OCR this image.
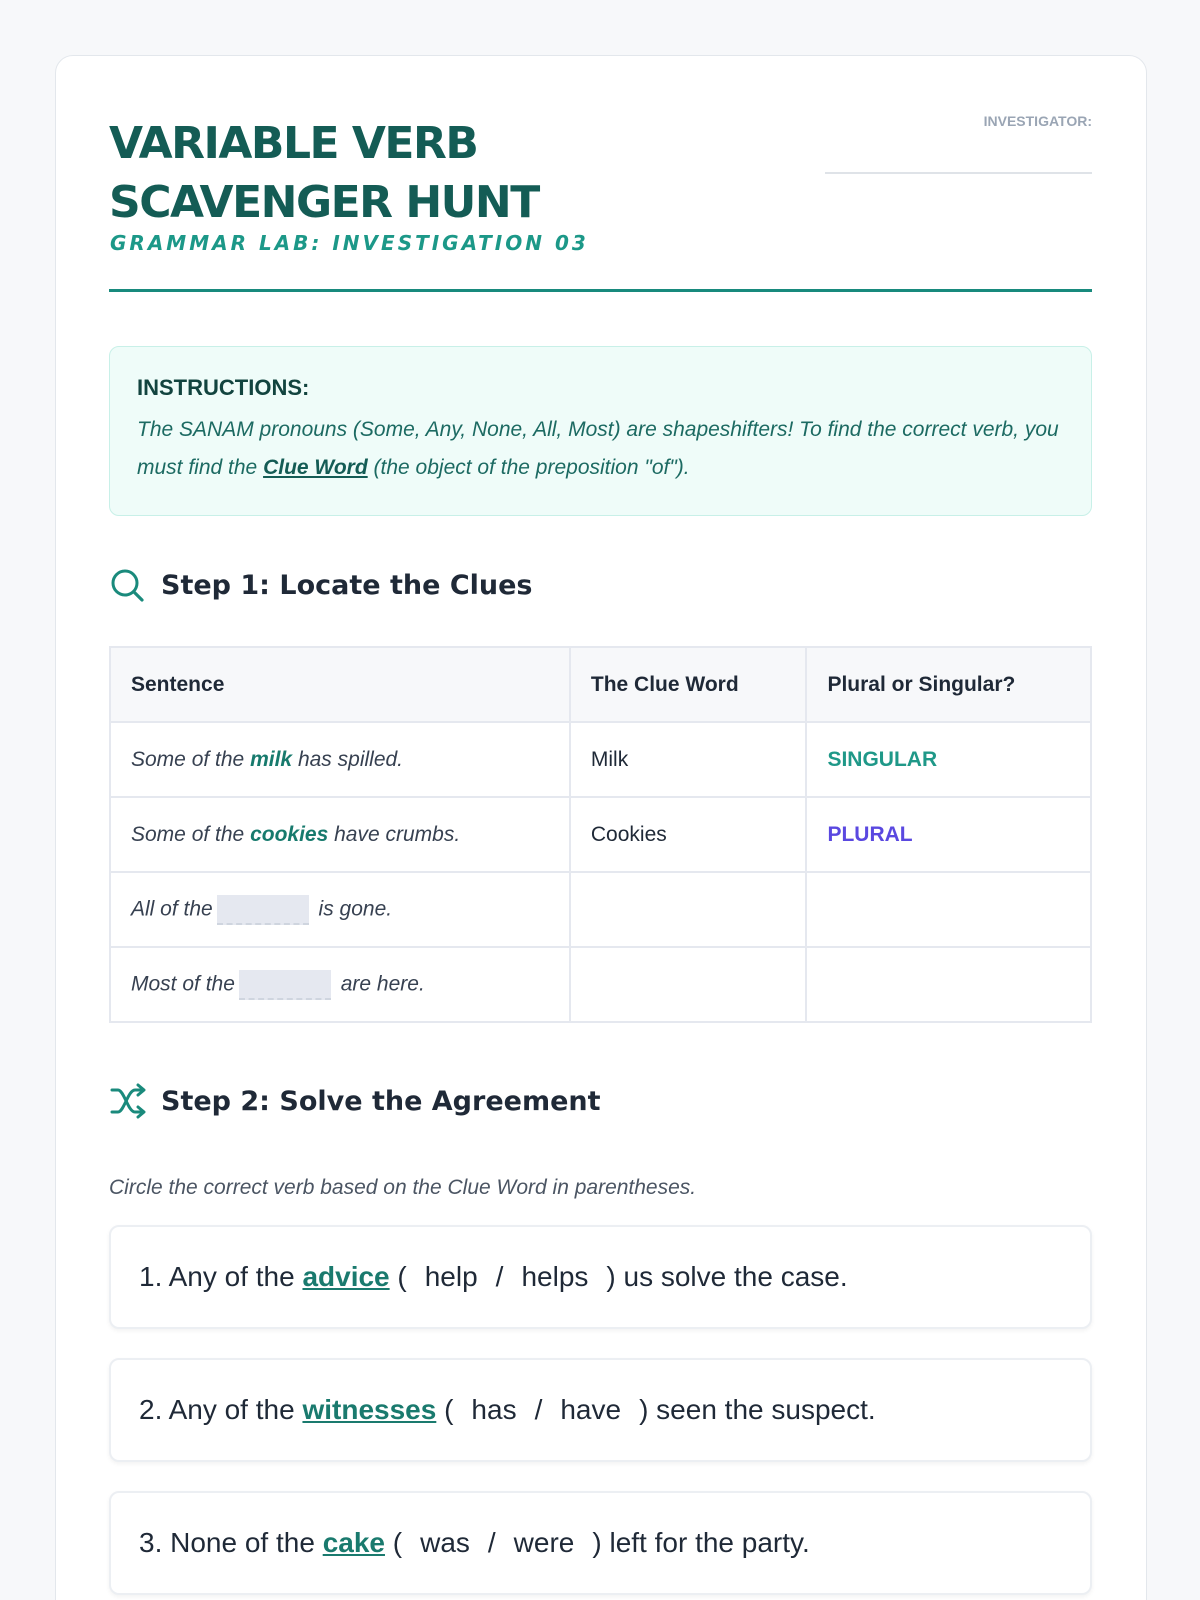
VARIABLE VERB
SCAVENGER HUNT
GRAMMAR LAB: INVESTIGATION 03
INVESTIGATOR:
INSTRUCTIONS:

The SANAM pronouns (Some, Any, None, All, Most) are shapeshifters! To find the correct verb, you must find the Clue Word (the object of the preposition "of").

Step 1: Locate the Clues
Sentence	The Clue Word	Plural or Singular?
Some of the milk has spilled.	Milk	SINGULAR
Some of the cookies have crumbs.	Cookies	PLURAL
All of the is gone.		
Most of the are here.		
Step 2: Solve the Agreement
Circle the correct verb based on the Clue Word in parentheses.
1. Any of the advice ( help / helps ) us solve the case.
2. Any of the witnesses ( has / have ) seen the suspect.
3. None of the cake ( was / were ) left for the party.
